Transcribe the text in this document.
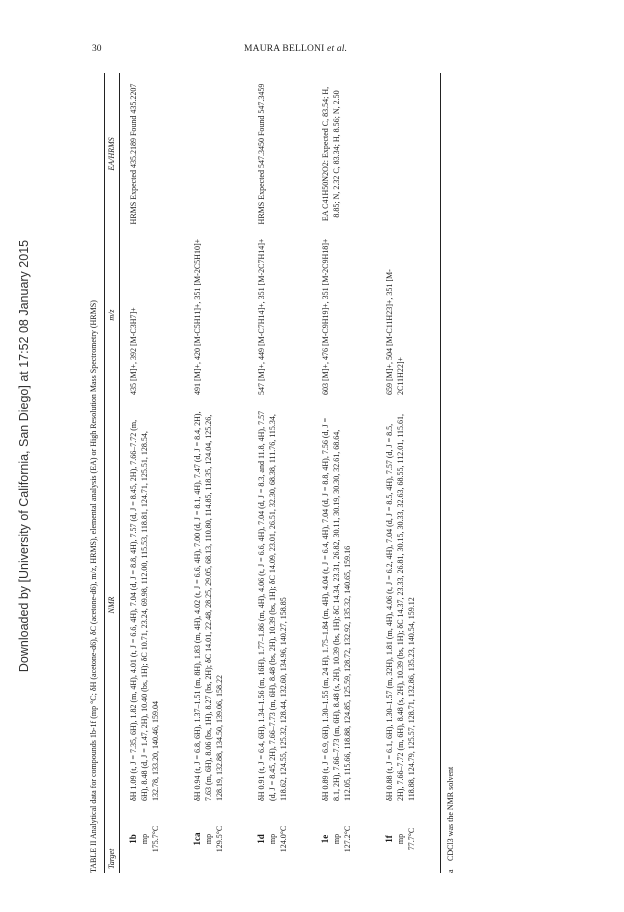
Downloaded by [University of California, San Diego] at 17:52 08 January 2015
30	MAURA BELLONI et al.
TABLE II Analytical data for compounds 1b-1f (mp °C; δH (acetone-d6), δC (acetone-d6), m/z, HRMS), elemental analysis (EA) or High Resolution Mass Spectrometry (HRMS) Target
NMR
m/z
EA/HRMS
1b mp 175.7°C
δH 1.09 (t, J = 7.35, 6H), 1.82 (m, 4H), 4.01 (t, J = 6.6, 4H), 7.04 (d, J = 8.8, 4H), 7.57 (d, J = 8.45, 2H), 7.66–7.72 (m, 6H), 8.48 (d, J = 1.47, 2H), 10.40 (bs, 1H); δC 10.71, 23.24, 69.98, 112.00, 115.53, 118.81, 124.71, 125.51, 128.54, 132.78, 133.20, 140.46, 159.04
435 [M]+, 392 [M-C3H7]+
HRMS Expected 435.2189 Found 435.2207
1ca mp 129.5°C
δH 0.94 (t, J = 6.8, 6H), 1.37–1.51 (m, 8H), 1.83 (m, 4H), 4.02 (t, J = 6.6, 4H), 7.00 (d, J = 8.1, 4H), 7.47 (d, J = 8.4, 2H), 7.63 (m, 6H), 8.06 (bs, 1H), 8.27 (bs, 2H); δC 14.01, 22.48, 28.25, 29.05, 68.13, 110.80, 114.85, 118.35, 124.04, 125.26, 128.19, 132.88, 134.50, 139.06, 158.22
491 [M]+, 420 [M-C5H11]+, 351 [M-2C5H10]+
1d mp 124.0°C
δH 0.91 (t, J = 6.4, 6H), 1.34–1.56 (m, 16H), 1.77–1.86 (m, 4H), 4.06 (t, J = 6.6, 4H), 7.04 (d, J = 8.3, and 11.8, 4H), 7.57 (d, J = 8.45, 2H), 7.66–7.73 (m, 6H), 8.48 (bs, 2H), 10.39 (bs, 1H); δC 14.09, 23.01, 26.51, 32.30, 68.38, 111.76, 115.34, 118.62, 124.55, 125.32, 128.44, 132.60, 134.96, 140.27, 158.85
547 [M]+, 449 [M-C7H14]+, 351 [M-2C7H14]+
HRMS Expected 547.3450 Found 547.3459
1e mp 127.2°C
δH 0.89 (t, J = 6.9, 6H), 1.30–1.55 (m, 24 H), 1.75–1.84 (m, 4H), 4.04 (t, J = 6.4, 4H), 7.04 (d, J = 8.8, 4H), 7.56 (d, J = 8.1, 2H), 7.66–7.73 (m, 6H), 8.48 (s, 2H), 10.39 (bs, 1H); δC 14.34, 23.31, 26.82, 30.11, 30.19, 30.30, 32.61, 68.64, 112.05, 115.66, 118.88, 124.85, 125.59, 128.72, 132.92, 135.32, 140.65, 159.16
603 [M]+, 476 [M-C9H19]+, 351 [M-2C9H18]+
EA C41H50N2O2: Expected C, 83.54; H, 8.85; N, 2.32 C, 83.34; H, 8.56; N, 2.50
1f mp 77.7°C
δH 0.88 (t, J = 6.1, 6H), 1.30–1.57 (m, 32H), 1.81 (m, 4H), 4.06 (t, J = 6.2, 4H), 7.04 (d, J = 8.5, 4H), 7.57 (d, J = 8.5, 2H), 7.66–7.72 (m, 6H), 8.48 (s, 2H), 10.39 (bs, 1H); δC 14.37, 23.33, 26.81, 30.15, 30.33, 32.63, 68.55, 112.01, 115.61, 118.88, 124.79, 125.57, 128.71, 132.86, 135.23, 140.54, 159.12
659 [M]+, 504 [M-C11H23]+, 351 [M-2C11H22]+
a CDCl3 was the NMR solvent
